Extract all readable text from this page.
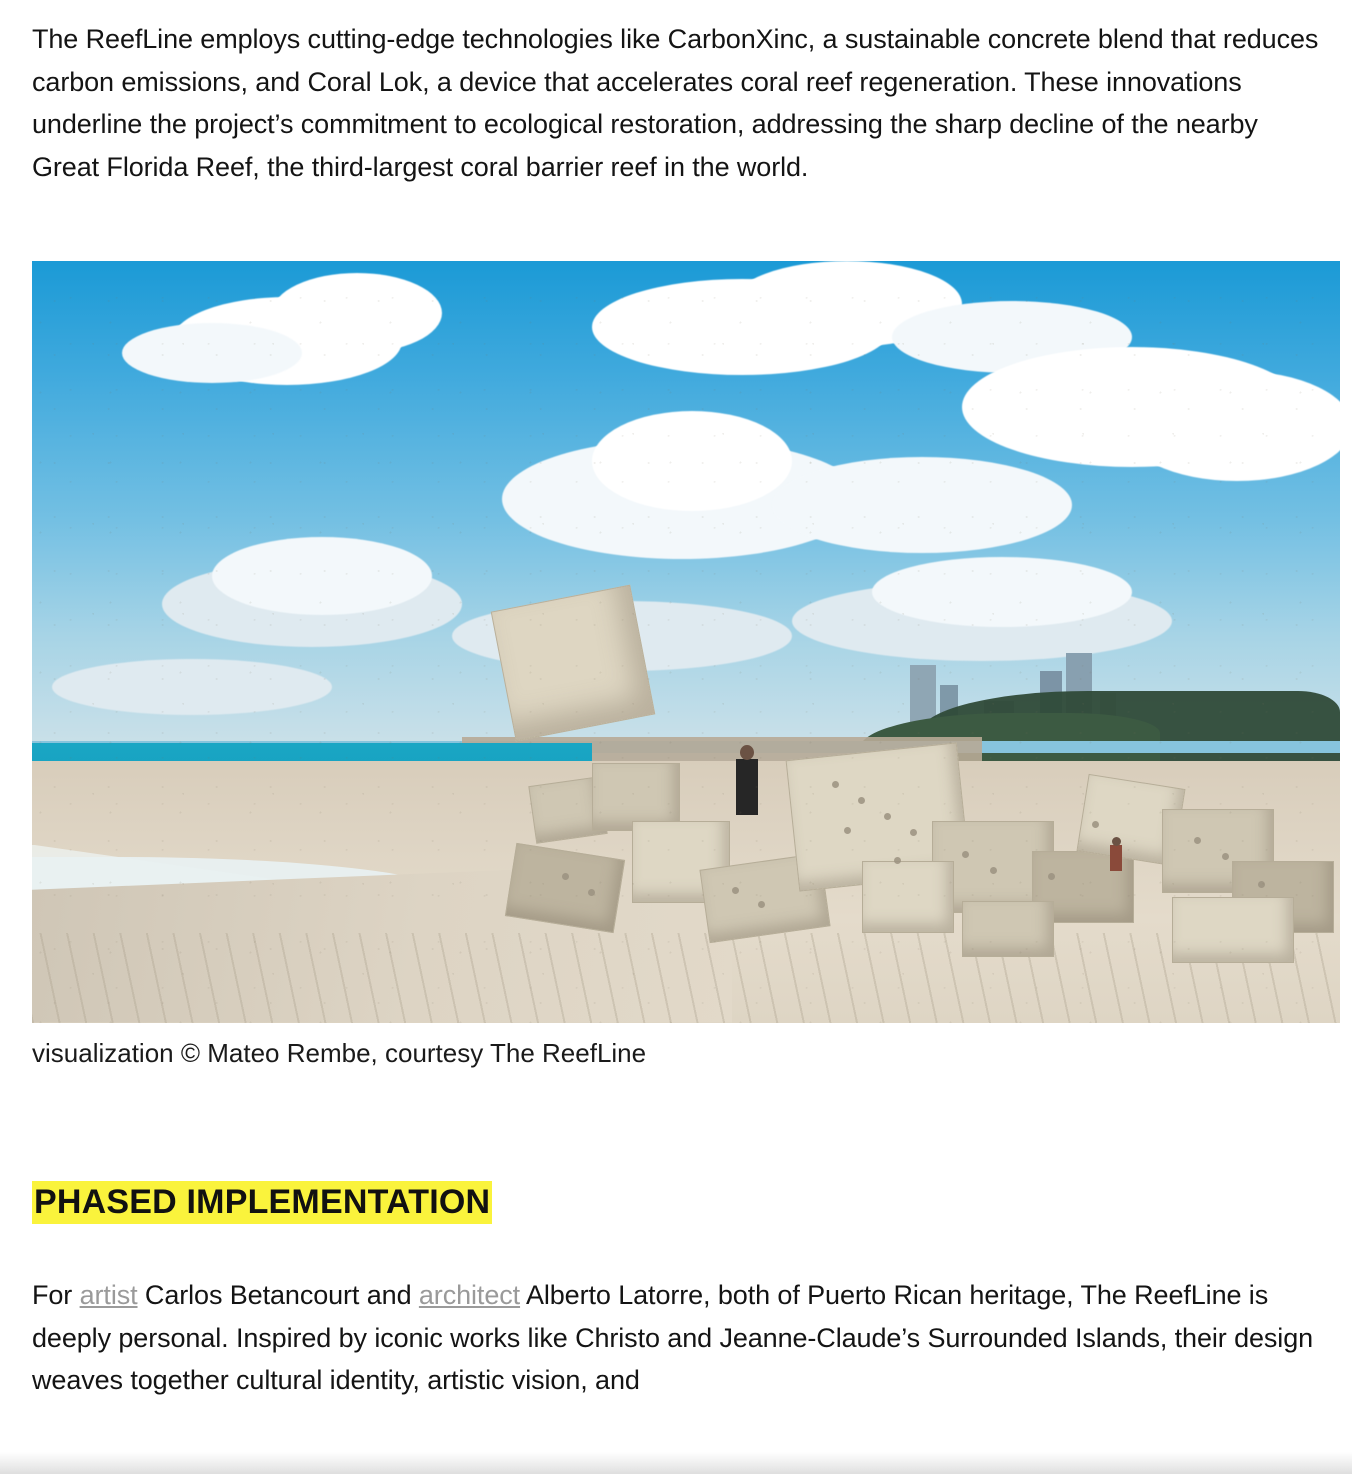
The ReefLine employs cutting-edge technologies like CarbonXinc, a sustainable concrete blend that reduces carbon emissions, and Coral Lok, a device that accelerates coral reef regeneration. These innovations underline the project’s commitment to ecological restoration, addressing the sharp decline of the nearby Great Florida Reef, the third-largest coral barrier reef in the world.

visualization © Mateo Rembe, courtesy The ReefLine
PHASED IMPLEMENTATION

For artist Carlos Betancourt and architect Alberto Latorre, both of Puerto Rican heritage, The ReefLine is deeply personal. Inspired by iconic works like Christo and Jeanne-Claude’s Surrounded Islands, their design weaves together cultural identity, artistic vision, and
